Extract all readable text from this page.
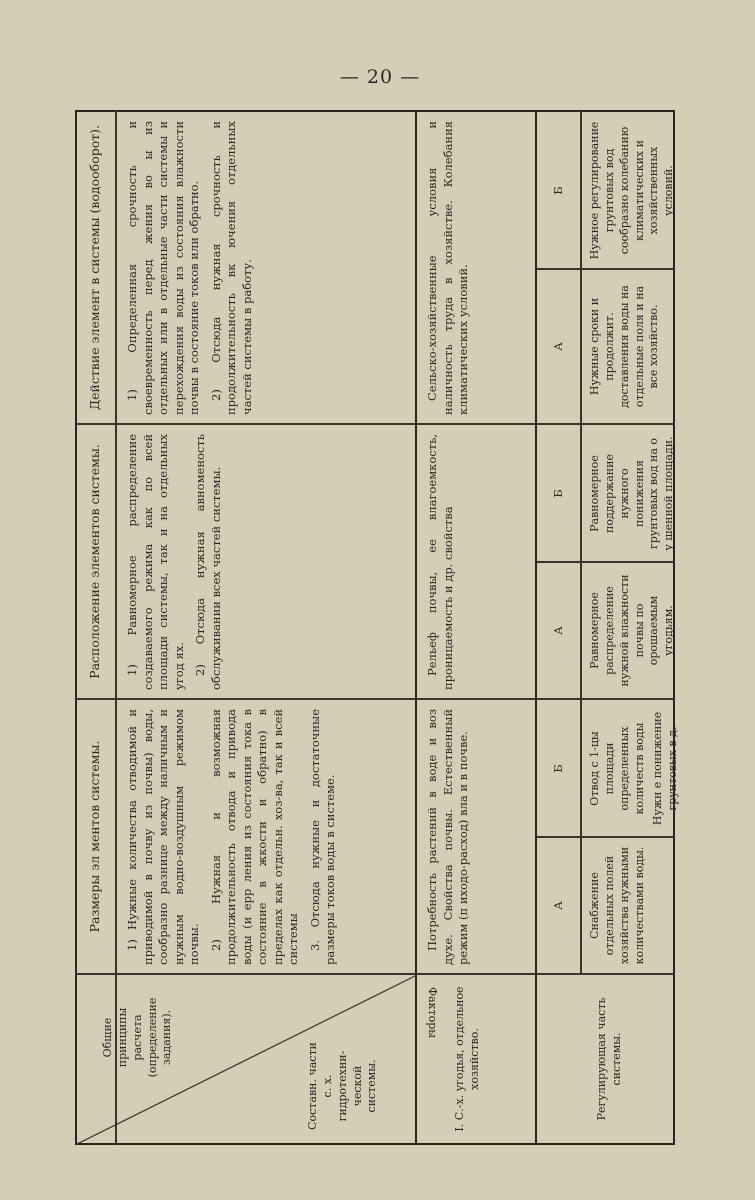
— 20 —
Размеры эл ментов системы.
Расположение элементов системы.
Действие элемент в системы (водооборот).
Общие принципы расчета (определение задания).
Составн. части с. х. гидротехни- ческой системы.

1) Нужные количества отводимой и приводимой в почву из почвы) воды, сообразно разнице между наличным и нужным водно-воздушным режимом почвы. 2) Нужная и возможная продолжительность отвода и привода воды (и ерр ления из состояния тока в состояние в жкости и обратно) в пределах как отдельн. хоз-ва, так и всей системы 3. Отсюда нужные и достаточные размеры токов воды в системе.

1) Равномерное распределение создаваемого режима как по всей площади системы, так и на отдельных угод ях. 2) Отсюда нужная авноменость обслуживании всех частей системы.

1) Определенная срочность и своевременность перед жения во ы из отдельных или в отдельные части системы и перехождения воды из состояния влажности почвы в состояние токов или обратно. 2) Отсюда нужная срочность и продолжительность вк ючения отдельных частей системы в работу.

Факторы	I. С.-х. угодья, отдельное хозяйство.

Потребность растений в воде и воз духе. Свойства почвы. Естественный режим (п иходо-расход) вла и в почве.

Рельеф почвы, ее влагоемкость, проницаемость и др. свойства

Сельско-хозяйственные условия и наличность труда в хозяйстве. Колебания климатических условий.

Регулирующая часть системы.
А
Б
А
Б
А
Б
Снабжение отдельных полей хозяйства нужными количествами воды.
Отвод с 1-цы площади определенных количеств воды Нужн е понижение грунтовых в д.
Равномерное распределение нужной влажности почвы по орошаемым угодьям.
Равномерное поддержание нужного понижения грунтовых вод на о у шенной площади.
Нужные сроки и продолжит. доставления воды на отдельные поля и на все хозяйство.
Нужное регулирование грунтовых вод сообразно колебанию климатических и хозяйственных условий.
